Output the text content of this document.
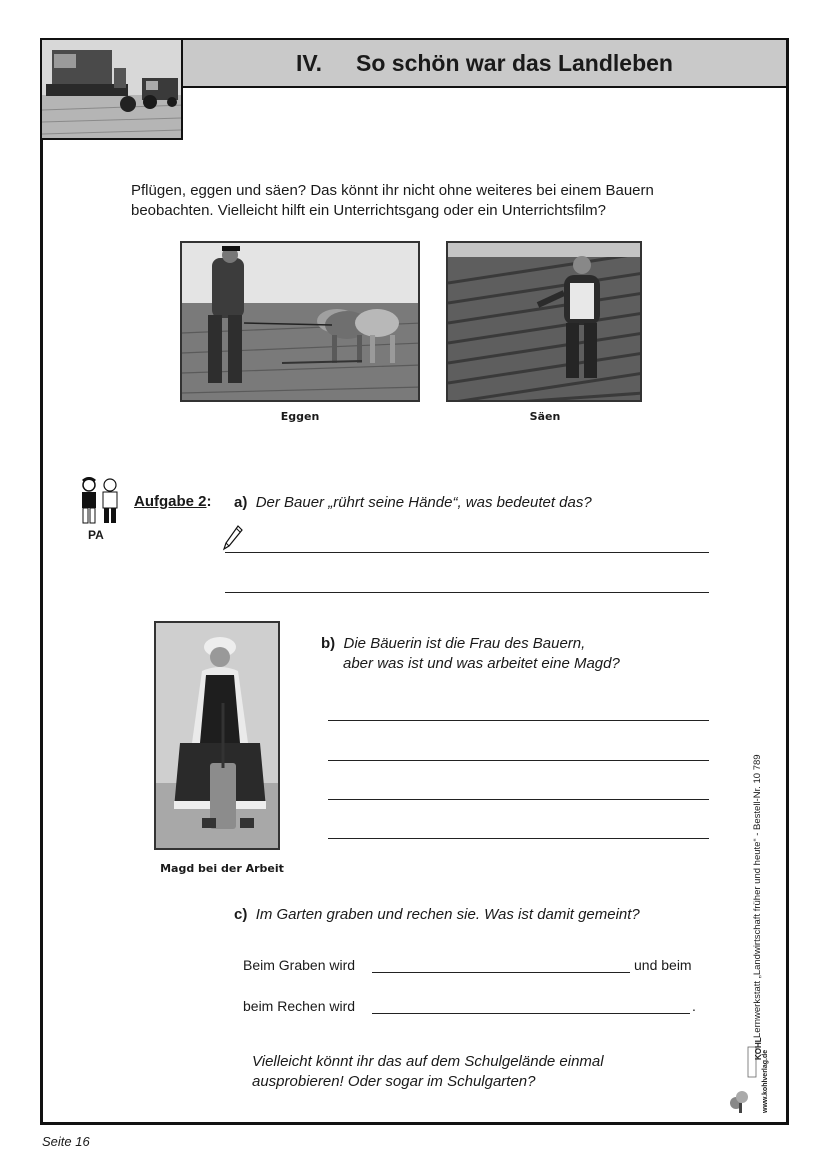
IV. So schön war das Landleben
Pflügen, eggen und säen? Das könnt ihr nicht ohne weiteres bei einem Bauern
beobachten. Vielleicht hilft ein Unterrichtsgang oder ein Unterrichtsfilm?
Eggen	Säen
PA
Aufgabe 2: a) Der Bauer „rührt seine Hände“, was bedeutet das?
Magd bei der Arbeit
b) Die Bäuerin ist die Frau des Bauern,
aber was ist und was arbeitet eine Magd?
c) Im Garten graben und rechen sie. Was ist damit gemeint?
Beim Graben wird	und beim
beim Rechen wird	.
Vielleicht könnt ihr das auf dem Schulgelände einmal
ausprobieren! Oder sogar im Schulgarten?
Lernwerkstatt „Landwirtschaft früher und heute“ - Bestell-Nr. 10 789
KOHL
www.kohlverlag.de
Seite 16
